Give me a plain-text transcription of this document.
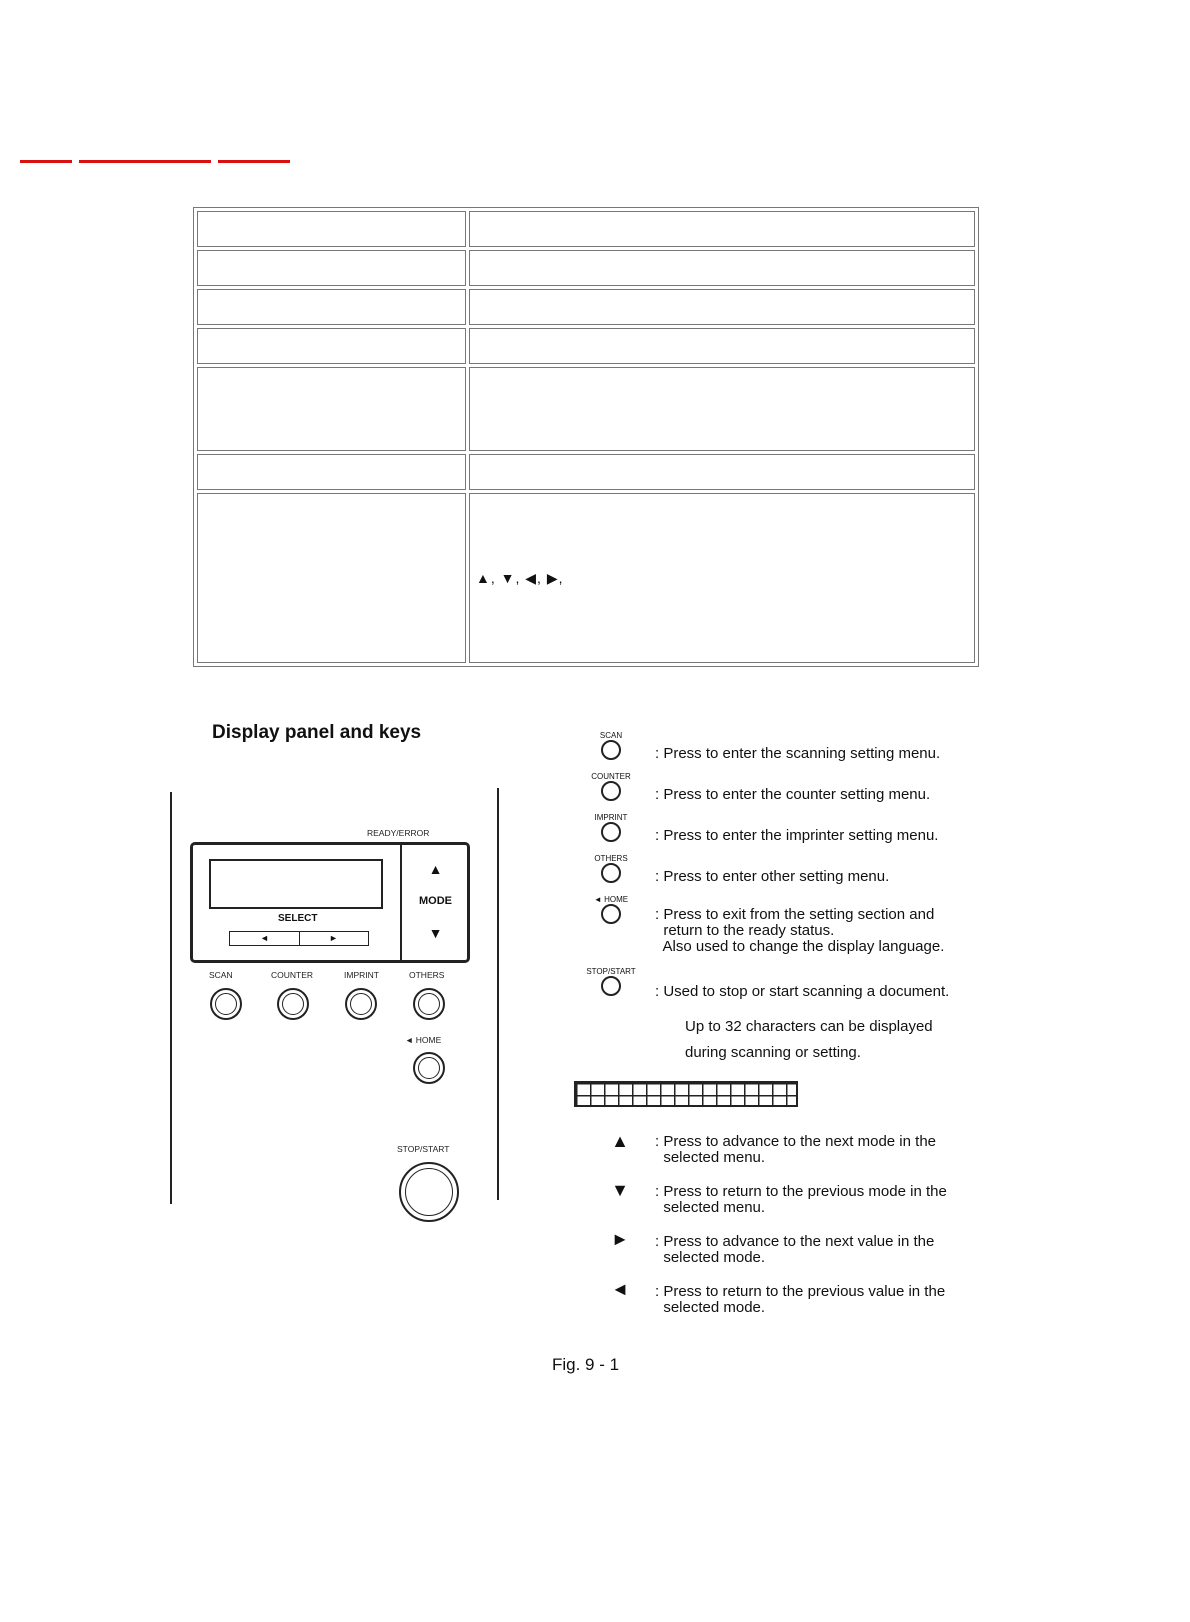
	▲, ▼, ◀, ▶,
Display panel and keys
READY/ERROR
SELECT
◄	►
▲
MODE
▼
SCAN	COUNTER	IMPRINT	OTHERS
◄ HOME
STOP/START
SCAN
: Press to enter the scanning setting menu.
COUNTER
: Press to enter the counter setting menu.
IMPRINT
: Press to enter the imprinter setting menu.
OTHERS
: Press to enter other setting menu.
◄ HOME
: Press to exit from the setting section and
return to the ready status.
Also used to change the display language.
STOP/START
: Used to stop or start scanning a document.
Up to 32 characters can be displayed
during scanning or setting.
▲	: Press to advance to the next mode in the
selected menu.
▼	: Press to return to the previous mode in the
selected menu.
►	: Press to advance to the next value in the
selected mode.
◄	: Press to return to the previous value in the
selected mode.
Fig. 9 - 1
